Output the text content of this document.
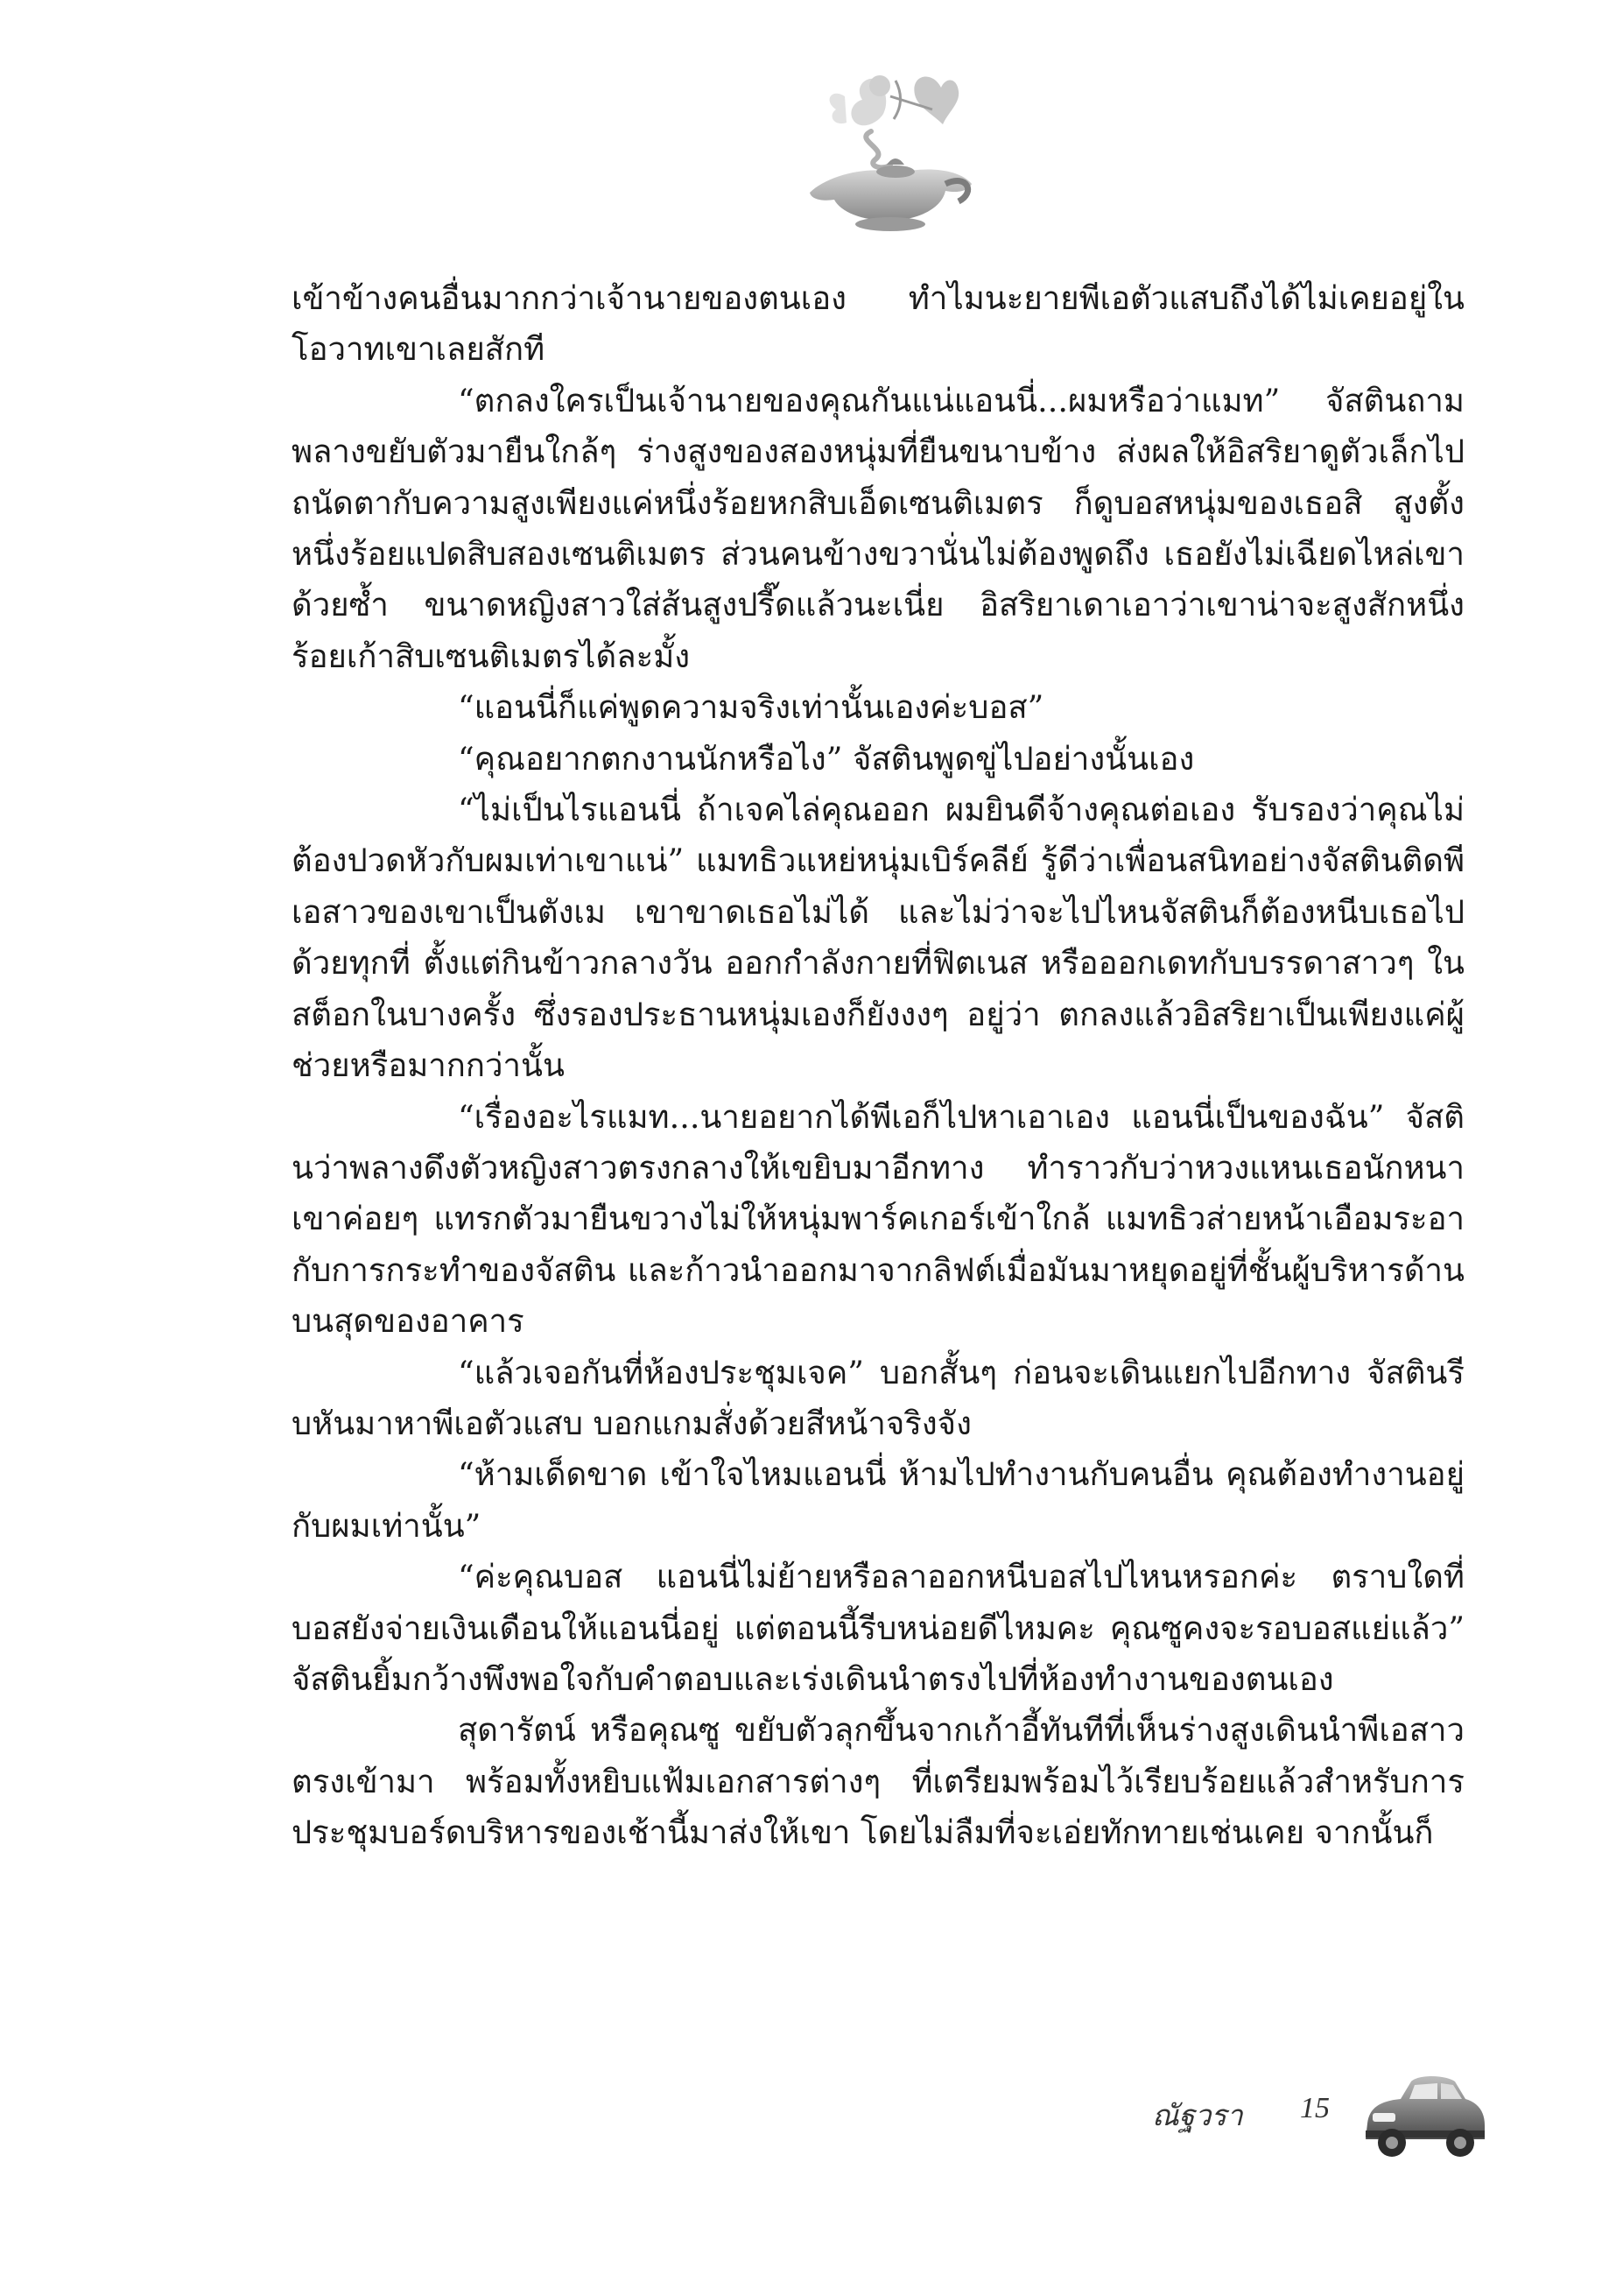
เข้าข้างคนอื่นมากกว่าเจ้านายของตนเอง ทำไมนะยายพีเอตัวแสบถึงได้ไม่เคยอยู่ในโอวาทเขาเลยสักที

“ตกลงใครเป็นเจ้านายของคุณกันแน่แอนนี่...ผมหรือว่าแมท” จัสตินถามพลางขยับตัวมายืนใกล้ๆ ร่างสูงของสองหนุ่มที่ยืนขนาบข้าง ส่งผลให้อิสริยาดูตัวเล็กไปถนัดตากับความสูงเพียงแค่หนึ่งร้อยหกสิบเอ็ดเซนติเมตร ก็ดูบอสหนุ่มของเธอสิ สูงตั้งหนึ่งร้อยแปดสิบสองเซนติเมตร ส่วนคนข้างขวานั่นไม่ต้องพูดถึง เธอยังไม่เฉียดไหล่เขาด้วยซ้ำ ขนาดหญิงสาวใส่ส้นสูงปรี๊ดแล้วนะเนี่ย อิสริยาเดาเอาว่าเขาน่าจะสูงสักหนึ่งร้อยเก้าสิบเซนติเมตรได้ละมั้ง

“แอนนี่ก็แค่พูดความจริงเท่านั้นเองค่ะบอส”

“คุณอยากตกงานนักหรือไง” จัสตินพูดขู่ไปอย่างนั้นเอง

“ไม่เป็นไรแอนนี่ ถ้าเจคไล่คุณออก ผมยินดีจ้างคุณต่อเอง รับรองว่าคุณไม่ต้องปวดหัวกับผมเท่าเขาแน่” แมทธิวแหย่หนุ่มเบิร์คลีย์ รู้ดีว่าเพื่อนสนิทอย่างจัสตินติดพีเอสาวของเขาเป็นตังเม เขาขาดเธอไม่ได้ และไม่ว่าจะไปไหนจัสตินก็ต้องหนีบเธอไปด้วยทุกที่ ตั้งแต่กินข้าวกลางวัน ออกกำลังกายที่ฟิตเนส หรือออกเดทกับบรรดาสาวๆ ในสต็อกในบางครั้ง ซึ่งรองประธานหนุ่มเองก็ยังงงๆ อยู่ว่า ตกลงแล้วอิสริยาเป็นเพียงแค่ผู้ช่วยหรือมากกว่านั้น

“เรื่องอะไรแมท...นายอยากได้พีเอก็ไปหาเอาเอง แอนนี่เป็นของฉัน” จัสตินว่าพลางดึงตัวหญิงสาวตรงกลางให้เขยิบมาอีกทาง ทำราวกับว่าหวงแหนเธอนักหนา เขาค่อยๆ แทรกตัวมายืนขวางไม่ให้หนุ่มพาร์คเกอร์เข้าใกล้ แมทธิวส่ายหน้าเอือมระอากับการกระทำของจัสติน และก้าวนำออกมาจากลิฟต์เมื่อมันมาหยุดอยู่ที่ชั้นผู้บริหารด้านบนสุดของอาคาร

“แล้วเจอกันที่ห้องประชุมเจค” บอกสั้นๆ ก่อนจะเดินแยกไปอีกทาง จัสตินรีบหันมาหาพีเอตัวแสบ บอกแกมสั่งด้วยสีหน้าจริงจัง

“ห้ามเด็ดขาด เข้าใจไหมแอนนี่ ห้ามไปทำงานกับคนอื่น คุณต้องทำงานอยู่กับผมเท่านั้น”

“ค่ะคุณบอส แอนนี่ไม่ย้ายหรือลาออกหนีบอสไปไหนหรอกค่ะ ตราบใดที่บอสยังจ่ายเงินเดือนให้แอนนี่อยู่ แต่ตอนนี้รีบหน่อยดีไหมคะ คุณซูคงจะรอบอสแย่แล้ว” จัสตินยิ้มกว้างพึงพอใจกับคำตอบและเร่งเดินนำตรงไปที่ห้องทำงานของตนเอง

สุดารัตน์ หรือคุณซู ขยับตัวลุกขึ้นจากเก้าอี้ทันทีที่เห็นร่างสูงเดินนำพีเอสาวตรงเข้ามา พร้อมทั้งหยิบแฟ้มเอกสารต่างๆ ที่เตรียมพร้อมไว้เรียบร้อยแล้วสำหรับการประชุมบอร์ดบริหารของเช้านี้มาส่งให้เขา โดยไม่ลืมที่จะเอ่ยทักทายเช่นเคย จากนั้นก็

ณัฐวรา 15
